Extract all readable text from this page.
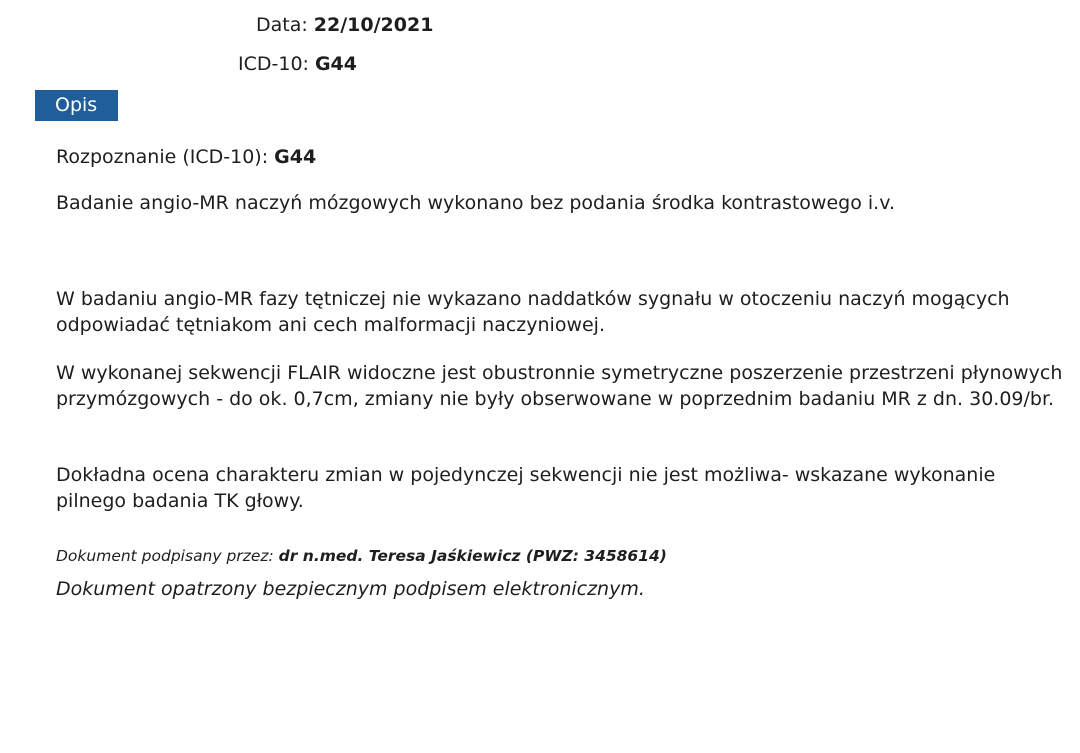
Data: 22/10/2021
ICD-10: G44
Opis

Rozpoznanie (ICD-10): G44

Badanie angio-MR naczyń mózgowych wykonano bez podania środka kontrastowego i.v.

W badaniu angio-MR fazy tętniczej nie wykazano naddatków sygnału w otoczeniu naczyń mogących odpowiadać tętniakom ani cech malformacji naczyniowej.

W wykonanej sekwencji FLAIR widoczne jest obustronnie symetryczne poszerzenie przestrzeni płynowych przymózgowych - do ok. 0,7cm, zmiany nie były obserwowane w poprzednim badaniu MR z dn. 30.09/br.

Dokładna ocena charakteru zmian w pojedynczej sekwencji nie jest możliwa- wskazane wykonanie pilnego badania TK głowy.

Dokument podpisany przez: dr n.med. Teresa Jaśkiewicz (PWZ: 3458614)
Dokument opatrzony bezpiecznym podpisem elektronicznym.
